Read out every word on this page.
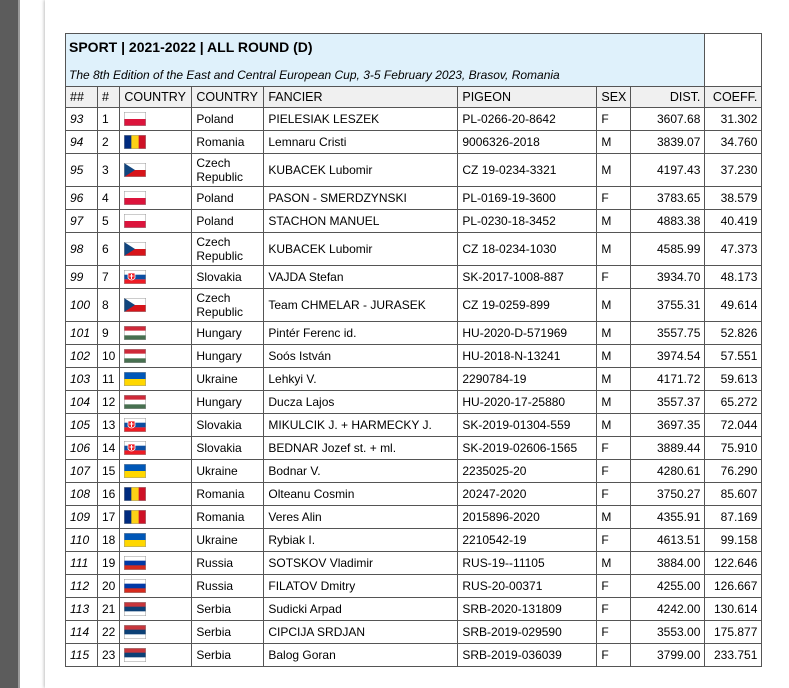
SPORT | 2021-2022 | ALL ROUND (D)
The 8th Edition of the East and Central European Cup, 3-5 February 2023, Brasov, Romania								

##	#	COUNTRY	COUNTRY	FANCIER	PIGEON	SEX	DIST.	COEFF.
93	1		Poland	PIELESIAK LESZEK	PL-0266-20-8642	F	3607.68	31.302
94	2		Romania	Lemnaru Cristi	9006326-2018	M	3839.07	34.760
95	3		Czech Republic	KUBACEK Lubomir	CZ 19-0234-3321	M	4197.43	37.230
96	4		Poland	PASON - SMERDZYNSKI	PL-0169-19-3600	F	3783.65	38.579
97	5		Poland	STACHON MANUEL	PL-0230-18-3452	M	4883.38	40.419
98	6		Czech Republic	KUBACEK Lubomir	CZ 18-0234-1030	M	4585.99	47.373
99	7		Slovakia	VAJDA Stefan	SK-2017-1008-887	F	3934.70	48.173
100	8		Czech Republic	Team CHMELAR - JURASEK	CZ 19-0259-899	M	3755.31	49.614
101	9		Hungary	Pintér Ferenc id.	HU-2020-D-571969	M	3557.75	52.826
102	10		Hungary	Soós István	HU-2018-N-13241	M	3974.54	57.551
103	11		Ukraine	Lehkyi V.	2290784-19	M	4171.72	59.613
104	12		Hungary	Ducza Lajos	HU-2020-17-25880	M	3557.37	65.272
105	13		Slovakia	MIKULCIK J. + HARMECKY J.	SK-2019-01304-559	M	3697.35	72.044
106	14		Slovakia	BEDNAR Jozef st. + ml.	SK-2019-02606-1565	F	3889.44	75.910
107	15		Ukraine	Bodnar V.	2235025-20	F	4280.61	76.290
108	16		Romania	Olteanu Cosmin	20247-2020	F	3750.27	85.607
109	17		Romania	Veres Alin	2015896-2020	M	4355.91	87.169
110	18		Ukraine	Rybiak I.	2210542-19	F	4613.51	99.158
111	19		Russia	SOTSKOV Vladimir	RUS-19--11105	M	3884.00	122.646
112	20		Russia	FILATOV Dmitry	RUS-20-00371	F	4255.00	126.667
113	21		Serbia	Sudicki Arpad	SRB-2020-131809	F	4242.00	130.614
114	22		Serbia	CIPCIJA SRDJAN	SRB-2019-029590	F	3553.00	175.877
115	23		Serbia	Balog Goran	SRB-2019-036039	F	3799.00	233.751
